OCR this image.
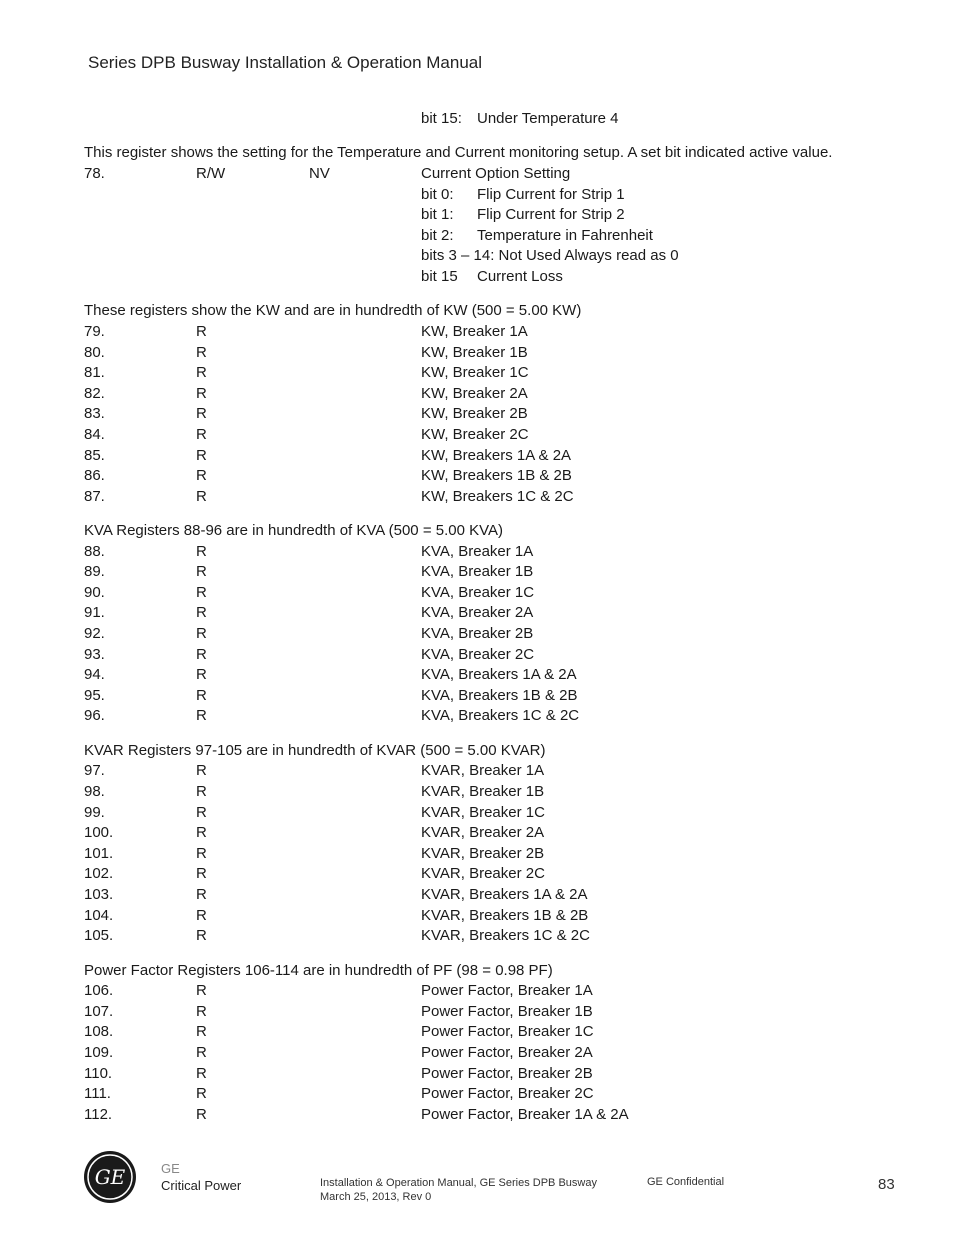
Series DPB Busway Installation & Operation Manual
bit 15: Under Temperature 4
This register shows the setting for the Temperature and Current monitoring setup. A set bit indicated active value.
78.	R/W	NV	Current Option Setting
bit 0: Flip Current for Strip 1
bit 1: Flip Current for Strip 2
bit 2: Temperature in Fahrenheit
bits 3 – 14: Not Used Always read as 0
bit 15 Current Loss
These registers show the KW and are in hundredth of KW (500 = 5.00 KW)
79.	R	KW, Breaker 1A
80.	R	KW, Breaker 1B
81.	R	KW, Breaker 1C
82.	R	KW, Breaker 2A
83.	R	KW, Breaker 2B
84.	R	KW, Breaker 2C
85.	R	KW, Breakers 1A & 2A
86.	R	KW, Breakers 1B & 2B
87.	R	KW, Breakers 1C & 2C
KVA Registers 88-96 are in hundredth of KVA (500 = 5.00 KVA)
88.	R	KVA, Breaker 1A
89.	R	KVA, Breaker 1B
90.	R	KVA, Breaker 1C
91.	R	KVA, Breaker 2A
92.	R	KVA, Breaker 2B
93.	R	KVA, Breaker 2C
94.	R	KVA, Breakers 1A & 2A
95.	R	KVA, Breakers 1B & 2B
96.	R	KVA, Breakers 1C & 2C
KVAR Registers 97-105 are in hundredth of KVAR (500 = 5.00 KVAR)
97.	R	KVAR, Breaker 1A
98.	R	KVAR, Breaker 1B
99.	R	KVAR, Breaker 1C
100.	R	KVAR, Breaker 2A
101.	R	KVAR, Breaker 2B
102.	R	KVAR, Breaker 2C
103.	R	KVAR, Breakers 1A & 2A
104.	R	KVAR, Breakers 1B & 2B
105.	R	KVAR, Breakers 1C & 2C
Power Factor Registers 106-114 are in hundredth of PF (98 = 0.98 PF)
106.	R	Power Factor, Breaker 1A
107.	R	Power Factor, Breaker 1B
108.	R	Power Factor, Breaker 1C
109.	R	Power Factor, Breaker 2A
110.	R	Power Factor, Breaker 2B
111.	R	Power Factor, Breaker 2C
112.	R	Power Factor, Breaker 1A & 2A
GE	GE
Critical Power	Installation & Operation Manual, GE Series DPB Busway
March 25, 2013, Rev 0
GE Confidential	83
